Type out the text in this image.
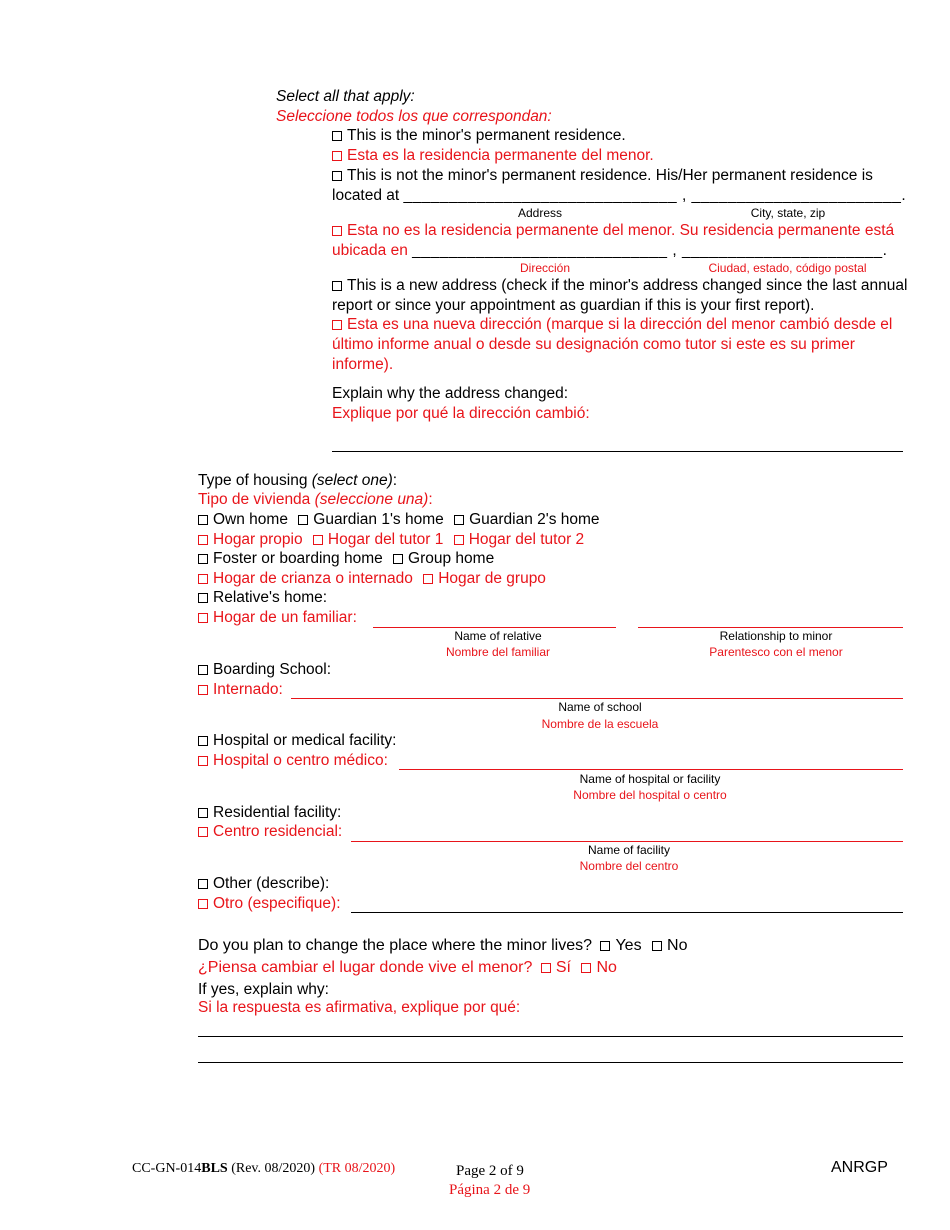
Select all that apply:
Seleccione todos los que correspondan:
This is the minor's permanent residence.
Esta es la residencia permanente del menor.
This is not the minor's permanent residence. His/Her permanent residence is
located at ______________________________ , _______________________.
Address	City, state, zip
Esta no es la residencia permanente del menor. Su residencia permanente está
ubicada en ____________________________ , ______________________.
Dirección	Ciudad, estado, código postal
This is a new address (check if the minor's address changed since the last annual
report or since your appointment as guardian if this is your first report).
Esta es una nueva dirección (marque si la dirección del menor cambió desde el
último informe anual o desde su designación como tutor si este es su primer
informe).
Explain why the address changed:
Explique por qué la dirección cambió:
Type of housing (select one):
Tipo de vivienda (seleccione una):
Own home Guardian 1's home Guardian 2's home
Hogar propio Hogar del tutor 1 Hogar del tutor 2
Foster or boarding home Group home
Hogar de crianza o internado Hogar de grupo
Relative's home:
Hogar de un familiar:
Name of relative
Nombre del familiar
Relationship to minor
Parentesco con el menor
Boarding School:
Internado:
Name of school
Nombre de la escuela
Hospital or medical facility:
Hospital o centro médico:
Name of hospital or facility
Nombre del hospital o centro
Residential facility:
Centro residencial:
Name of facility
Nombre del centro
Other (describe):
Otro (especifique):
Do you plan to change the place where the minor lives? Yes No
¿Piensa cambiar el lugar donde vive el menor? Sí No
If yes, explain why:
Si la respuesta es afirmativa, explique por qué:
CC-GN-014BLS (Rev. 08/2020) (TR 08/2020)	Page 2 of 9
Página 2 de 9
ANRGP
